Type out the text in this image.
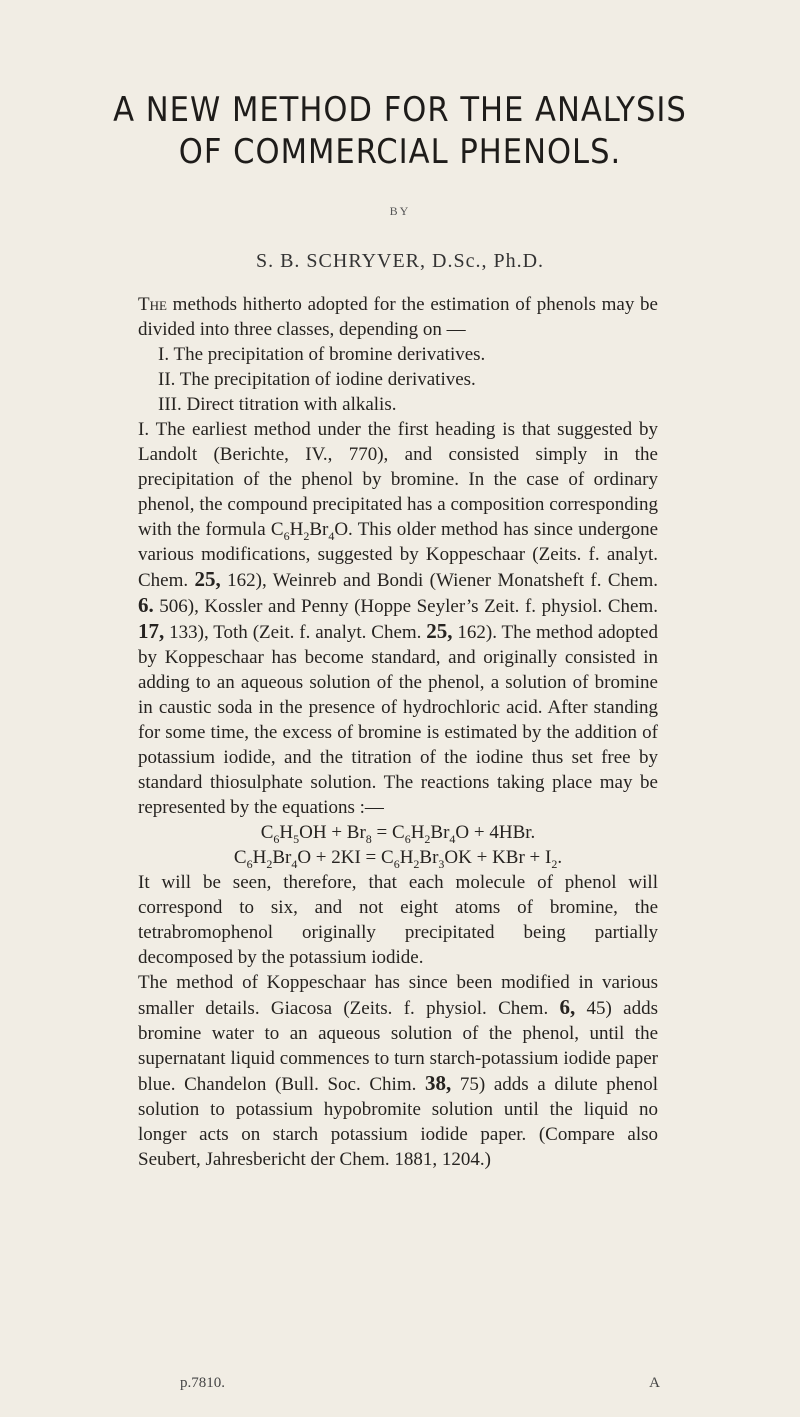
A NEW METHOD FOR THE ANALYSIS
OF COMMERCIAL PHENOLS.
BY
S. B. SCHRYVER, D.Sc., Ph.D.

The methods hitherto adopted for the estimation of phenols may be divided into three classes, depending on —

I. The precipitation of bromine derivatives.
II. The precipitation of iodine derivatives.
III. Direct titration with alkalis.

I. The earliest method under the first heading is that suggested by Landolt (Berichte, IV., 770), and consisted simply in the precipitation of the phenol by bromine. In the case of ordinary phenol, the compound precipitated has a composition corresponding with the formula $C_6H_2Br_4O$. This older method has since undergone various modifications, suggested by Koppeschaar (Zeits. f. analyt. Chem. 25, 162), Weinreb and Bondi (Wiener Monatsheft f. Chem. 6. 506), Kossler and Penny (Hoppe Seyler’s Zeit. f. physiol. Chem. 17, 133), Toth (Zeit. f. analyt. Chem. 25, 162). The method adopted by Koppeschaar has become standard, and originally consisted in adding to an aqueous solution of the phenol, a solution of bromine in caustic soda in the presence of hydrochloric acid. After standing for some time, the excess of bromine is estimated by the addition of potassium iodide, and the titration of the iodine thus set free by standard thiosulphate solution. The reactions taking place may be represented by the equations :—

$C_6H_5OH + Br_8 = C_6H_2Br_4O + 4HBr$.

$C_6H_2Br_4O + 2KI = C_6H_2Br_3OK$ + KBr + $I_2$.

It will be seen, therefore, that each molecule of phenol will correspond to six, and not eight atoms of bromine, the tetrabromophenol originally precipitated being partially decomposed by the potassium iodide.

The method of Koppeschaar has since been modified in various smaller details. Giacosa (Zeits. f. physiol. Chem. 6, 45) adds bromine water to an aqueous solution of the phenol, until the supernatant liquid commences to turn starch-potassium iodide paper blue. Chandelon (Bull. Soc. Chim. 38, 75) adds a dilute phenol solution to potassium hypobromite solution until the liquid no longer acts on starch potassium iodide paper. (Compare also Seubert, Jahresbericht der Chem. 1881, 1204.)

p.7810.	A
